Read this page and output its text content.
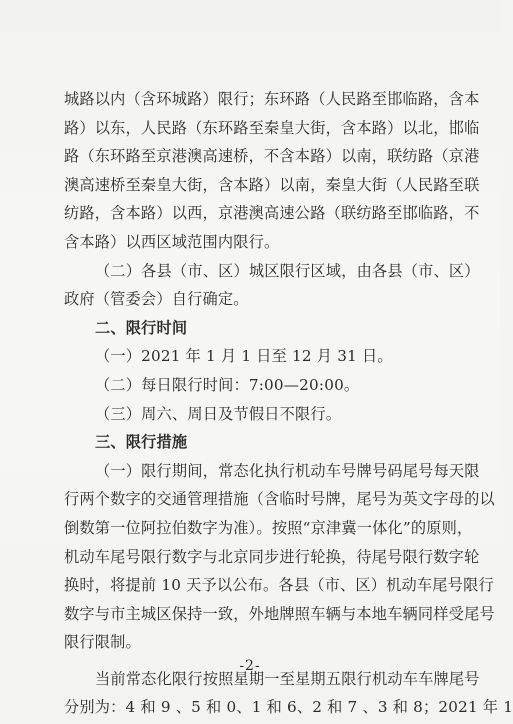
城路以内（含环城路）限行；东环路（人民路至邯临路，含本
路）以东，人民路（东环路至秦皇大街，含本路）以北，邯临
路（东环路至京港澳高速桥，不含本路）以南，联纺路（京港
澳高速桥至秦皇大街，含本路）以南，秦皇大街（人民路至联
纺路，含本路）以西，京港澳高速公路（联纺路至邯临路，不
含本路）以西区域范围内限行。
（二）各县（市、区）城区限行区域，由各县（市、区）
政府（管委会）自行确定。
二、限行时间
（一）2021 年 1 月 1 日至 12 月 31 日。
（二）每日限行时间：7:00—20:00。
（三）周六、周日及节假日不限行。
三、限行措施
（一）限行期间，常态化执行机动车号牌号码尾号每天限
行两个数字的交通管理措施（含临时号牌，尾号为英文字母的以
倒数第一位阿拉伯数字为准）。按照“京津冀一体化”的原则，
机动车尾号限行数字与北京同步进行轮换，待尾号限行数字轮
换时，将提前 10 天予以公布。各县（市、区）机动车尾号限行
数字与市主城区保持一致，外地牌照车辆与本地车辆同样受尾号
限行限制。
当前常态化限行按照星期一至星期五限行机动车车牌尾号
分别为：4 和 9 、5 和 0、1 和 6、2 和 7 、3 和 8；2021 年 1
-2-
